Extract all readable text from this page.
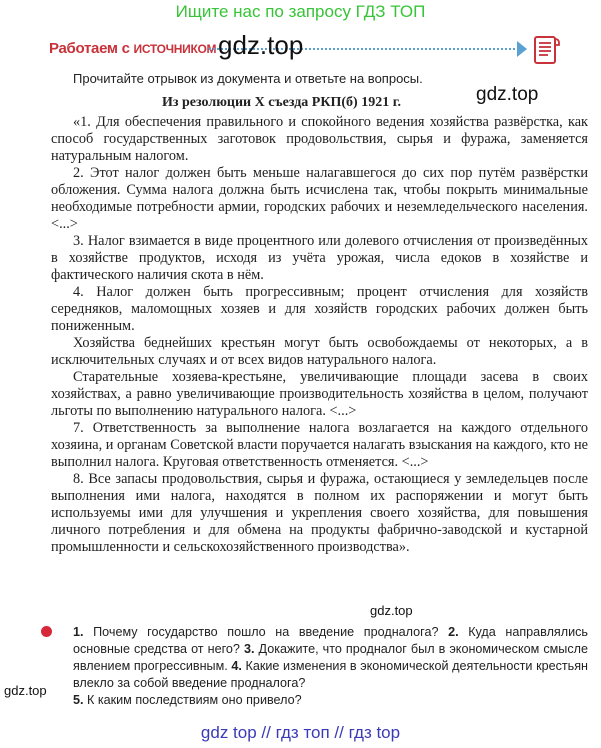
Ищите нас по запросу ГДЗ ТОП
Работаем с ИСТОЧНИКОМ gdz.top
gdz.top
Прочитайте отрывок из документа и ответьте на вопросы.
Из резолюции X съезда РКП(б) 1921 г.

«1. Для обеспечения правильного и спокойного ведения хозяйства развёрстка, как способ государственных заготовок продовольствия, сырья и фуража, заменяется натуральным налогом.

2. Этот налог должен быть меньше налагавшегося до сих пор путём развёрстки обложения. Сумма налога должна быть исчислена так, чтобы покрыть минимальные необходимые потребности армии, городских рабочих и неземледельческого населения. <...>

3. Налог взимается в виде процентного или долевого отчисления от произведённых в хозяйстве продуктов, исходя из учёта урожая, числа едоков в хозяйстве и фактического наличия скота в нём.

4. Налог должен быть прогрессивным; процент отчисления для хозяйств середняков, маломощных хозяев и для хозяйств городских рабочих должен быть пониженным.

Хозяйства беднейших крестьян могут быть освобождаемы от некоторых, а в исключительных случаях и от всех видов натурального налога.

Старательные хозяева-крестьяне, увеличивающие площади засева в своих хозяйствах, а равно увеличивающие производительность хозяйства в целом, получают льготы по выполнению натурального налога. <...>

7. Ответственность за выполнение налога возлагается на каждого отдельного хозяина, и органам Советской власти поручается налагать взыскания на каждого, кто не выполнил налога. Круговая ответственность отменяется. <...>

8. Все запасы продовольствия, сырья и фуража, остающиеся у земледельцев после выполнения ими налога, находятся в полном их распоряжении и могут быть используемы ими для улучшения и укрепления своего хозяйства, для повышения личного потребления и для обмена на продукты фабрично-заводской и кустарной промышленности и сельскохозяйственного производства».

gdz.top
1. Почему государство пошло на введение продналога? 2. Куда направлялись основные средства от него? 3. Докажите, что продналог был в экономическом смысле явлением прогрессивным. 4. Какие изменения в экономической деятельности крестьян влекло за собой введение продналога?
5. К каким последствиям оно привело?
gdz.top
gdz top // гдз топ // гдз top
